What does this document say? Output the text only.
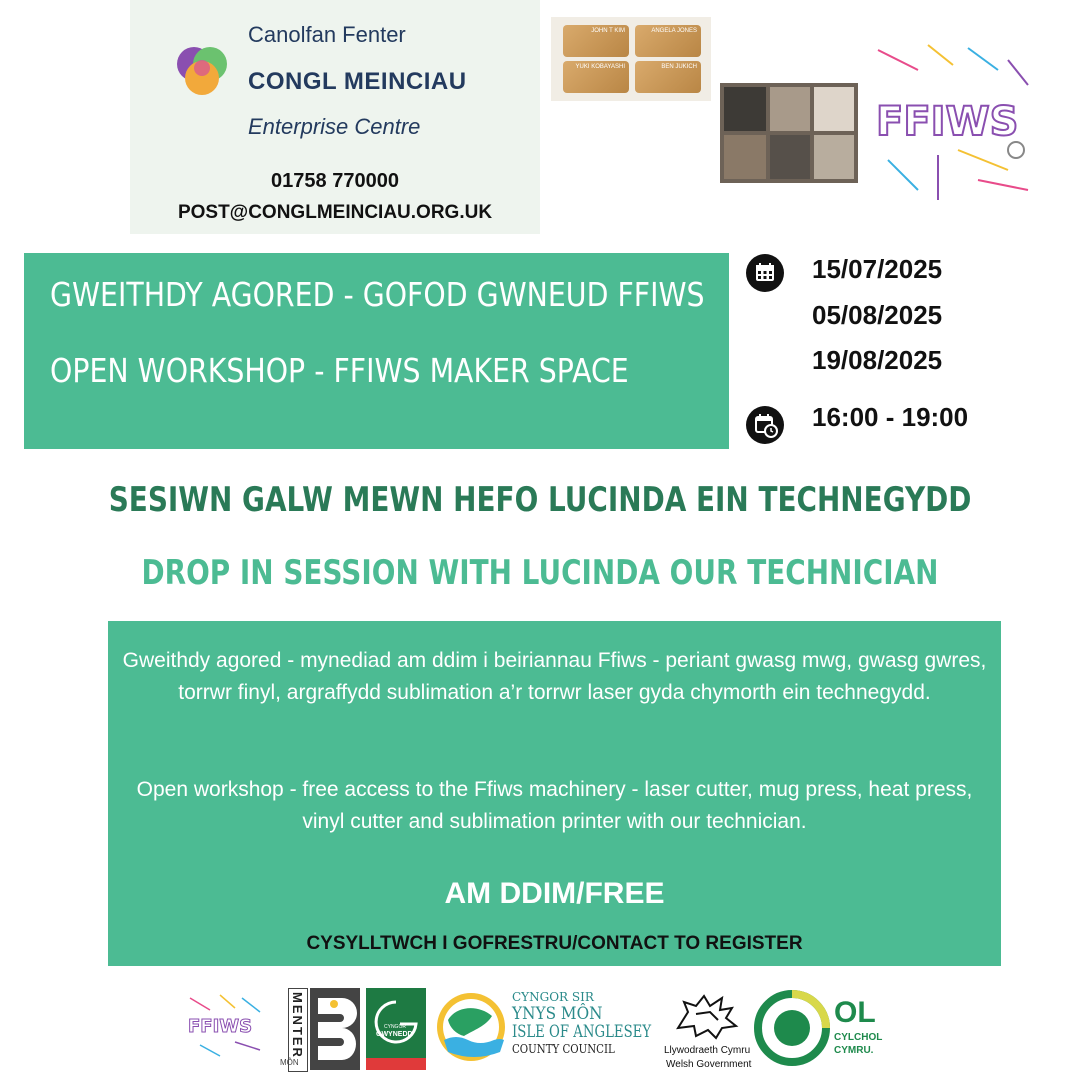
Canolfan Fenter
CONGL MEINCIAU
Enterprise Centre
01758 770000
POST@CONGLMEINCIAU.ORG.UK
JOHN T KIM	ANGELA JONES
YUKI KOBAYASHI	BEN JUKICH
FFIWS
GWEITHDY AGORED - GOFOD GWNEUD FFIWS
OPEN WORKSHOP - FFIWS MAKER SPACE
15/07/2025
05/08/2025
19/08/2025
16:00 - 19:00
SESIWN GALW MEWN HEFO LUCINDA EIN TECHNEGYDD
DROP IN SESSION WITH LUCINDA OUR TECHNICIAN
Gweithdy agored - mynediad am ddim i beiriannau Ffiws - periant gwasg mwg, gwasg gwres, torrwr finyl, argraffydd sublimation a’r torrwr laser gyda chymorth ein technegydd.
Open workshop - free access to the Ffiws machinery - laser cutter, mug press, heat press, vinyl cutter and sublimation printer with our technician.
AM DDIM/FREE
CYSYLLTWCH I GOFRESTRU/CONTACT TO REGISTER
FFIWS	MENTER
MÔN
CYNGOR
GWYNEDD
CYNGOR SIR
YNYS MÔN
ISLE OF ANGLESEY
COUNTY COUNCIL	Llywodraeth Cymru
Welsh Government
OL
CYLCHOL
CYMRU.
